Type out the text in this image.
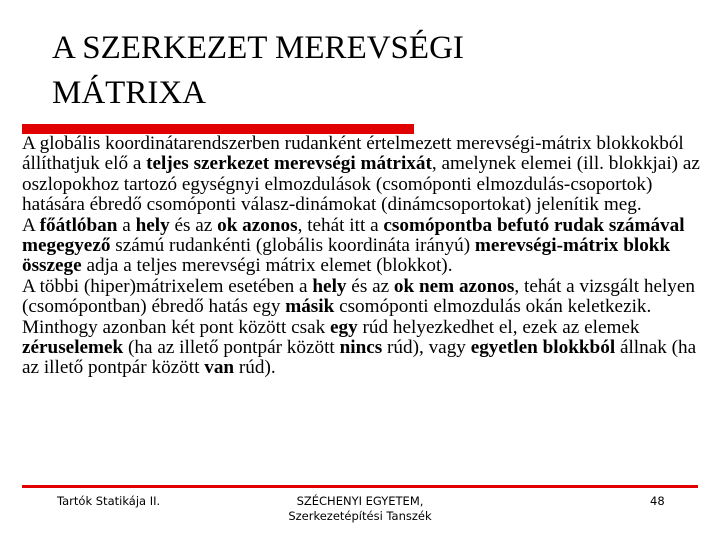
A SZERKEZET MEREVSÉGI
MÁTRIXA

A globális koordinátarendszerben rudanként értelmezett merevségi-mátrix blokkokból állíthatjuk elő a teljes szerkezet merevségi mátrixát, amelynek elemei (ill. blokkjai) az oszlopokhoz tartozó egységnyi elmozdulások (csomóponti elmozdulás-csoportok) hatására ébredő csomóponti válasz-dinámokat (dinámcsoportokat) jelenítik meg.

A főátlóban a hely és az ok azonos, tehát itt a csomópontba befutó rudak számával megegyező számú rudankénti (globális koordináta irányú) merevségi-mátrix blokk összege adja a teljes merevségi mátrix elemet (blokkot).

A többi (hiper)mátrixelem esetében a hely és az ok nem azonos, tehát a vizsgált helyen (csomópontban) ébredő hatás egy másik csomóponti elmozdulás okán keletkezik. Minthogy azonban két pont között csak egy rúd helyezkedhet el, ezek az elemek zéruselemek (ha az illető pontpár között nincs rúd), vagy egyetlen blokkból állnak (ha az illető pontpár között van rúd).

Tartók Statikája II.	SZÉCHENYI EGYETEM,
Szerkezetépítési Tanszék
48
